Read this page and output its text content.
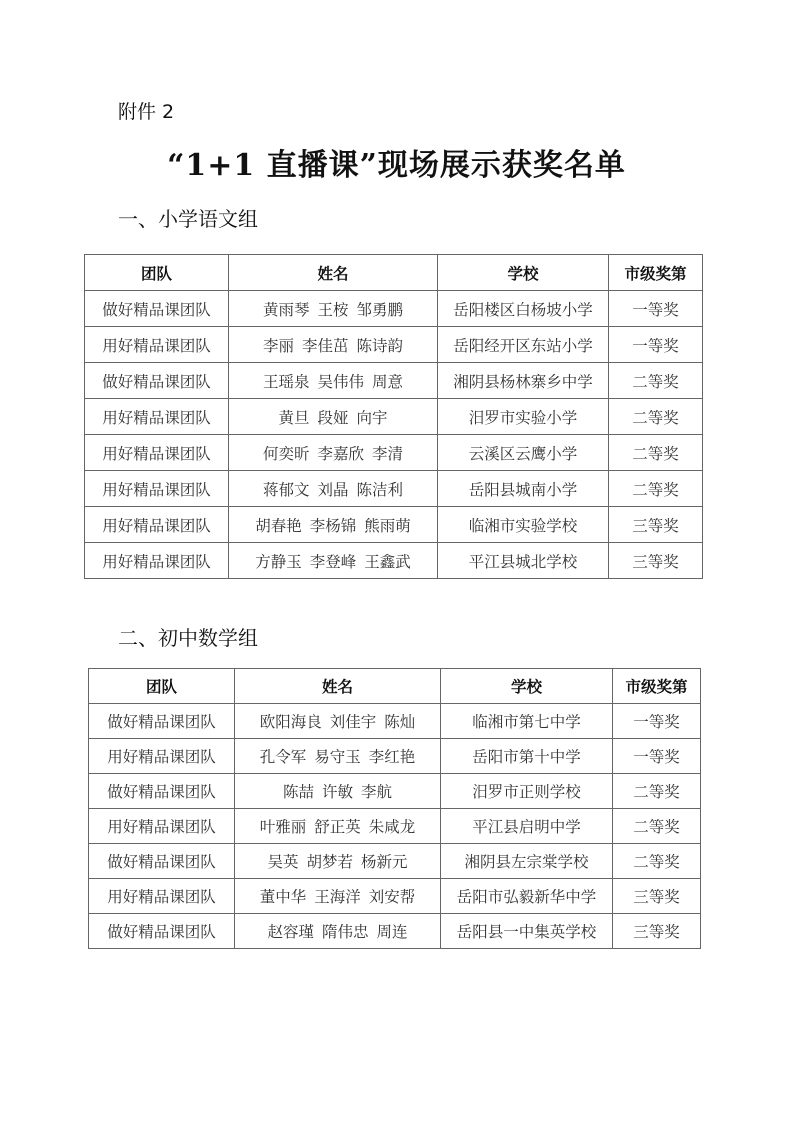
附件 2
“1+1 直播课”现场展示获奖名单
一、小学语文组
团队	姓名	学校	市级奖第
做好精品课团队	黄雨琴 王桉 邹勇鹏	岳阳楼区白杨坡小学	一等奖
用好精品课团队	李丽 李佳茁 陈诗韵	岳阳经开区东站小学	一等奖
做好精品课团队	王瑶泉 吴伟伟 周意	湘阴县杨林寨乡中学	二等奖
用好精品课团队	黄旦 段娅 向宇	汨罗市实验小学	二等奖
用好精品课团队	何奕昕 李嘉欣 李清	云溪区云鹰小学	二等奖
用好精品课团队	蒋郁文 刘晶 陈洁利	岳阳县城南小学	二等奖
用好精品课团队	胡春艳 李杨锦 熊雨萌	临湘市实验学校	三等奖
用好精品课团队	方静玉 李登峰 王鑫武	平江县城北学校	三等奖
二、初中数学组
团队	姓名	学校	市级奖第
做好精品课团队	欧阳海良 刘佳宇 陈灿	临湘市第七中学	一等奖
用好精品课团队	孔令军 易守玉 李红艳	岳阳市第十中学	一等奖
做好精品课团队	陈喆 许敏 李航	汨罗市正则学校	二等奖
用好精品课团队	叶雅丽 舒正英 朱咸龙	平江县启明中学	二等奖
做好精品课团队	吴英 胡梦若 杨新元	湘阴县左宗棠学校	二等奖
用好精品课团队	董中华 王海洋 刘安帮	岳阳市弘毅新华中学	三等奖
做好精品课团队	赵容瑾 隋伟忠 周连	岳阳县一中集英学校	三等奖
